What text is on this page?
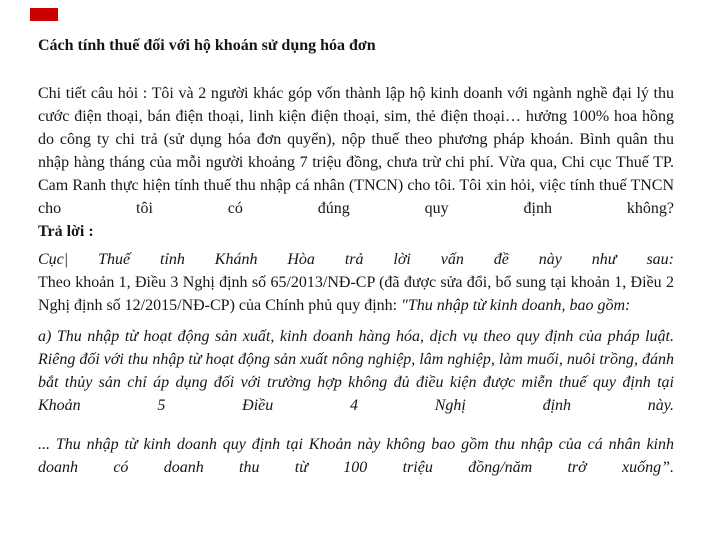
Cách tính thuế đối với hộ khoán sử dụng hóa đơn

Chi tiết câu hỏi : Tôi và 2 người khác góp vốn thành lập hộ kinh doanh với ngành nghề đại lý thu cước điện thoại, bán điện thoại, linh kiện điện thoại, sim, thẻ điện thoại… hưởng 100% hoa hồng do công ty chi trả (sử dụng hóa đơn quyển), nộp thuế theo phương pháp khoán. Bình quân thu nhập hàng tháng của mỗi người khoảng 7 triệu đồng, chưa trừ chi phí. Vừa qua, Chi cục Thuế TP. Cam Ranh thực hiện tính thuế thu nhập cá nhân (TNCN) cho tôi. Tôi xin hỏi, việc tính thuế TNCN cho tôi có đúng quy định không?

Trả lời :

Cục| Thuế tỉnh Khánh Hòa trả lời vấn đề này như sau:
Theo khoản 1, Điều 3 Nghị định số 65/2013/NĐ-CP (đã được sửa đổi, bổ sung tại khoản 1, Điều 2 Nghị định số 12/2015/NĐ-CP) của Chính phủ quy định: "Thu nhập từ kinh doanh, bao gồm:

a) Thu nhập từ hoạt động sản xuất, kinh doanh hàng hóa, dịch vụ theo quy định của pháp luật. Riêng đối với thu nhập từ hoạt động sản xuất nông nghiệp, lâm nghiệp, làm muối, nuôi trồng, đánh bắt thủy sản chỉ áp dụng đối với trường hợp không đủ điều kiện được miễn thuế quy định tại Khoản 5 Điều 4 Nghị định này.

... Thu nhập từ kinh doanh quy định tại Khoản này không bao gồm thu nhập của cá nhân kinh doanh có doanh thu từ 100 triệu đồng/năm trở xuống”.
